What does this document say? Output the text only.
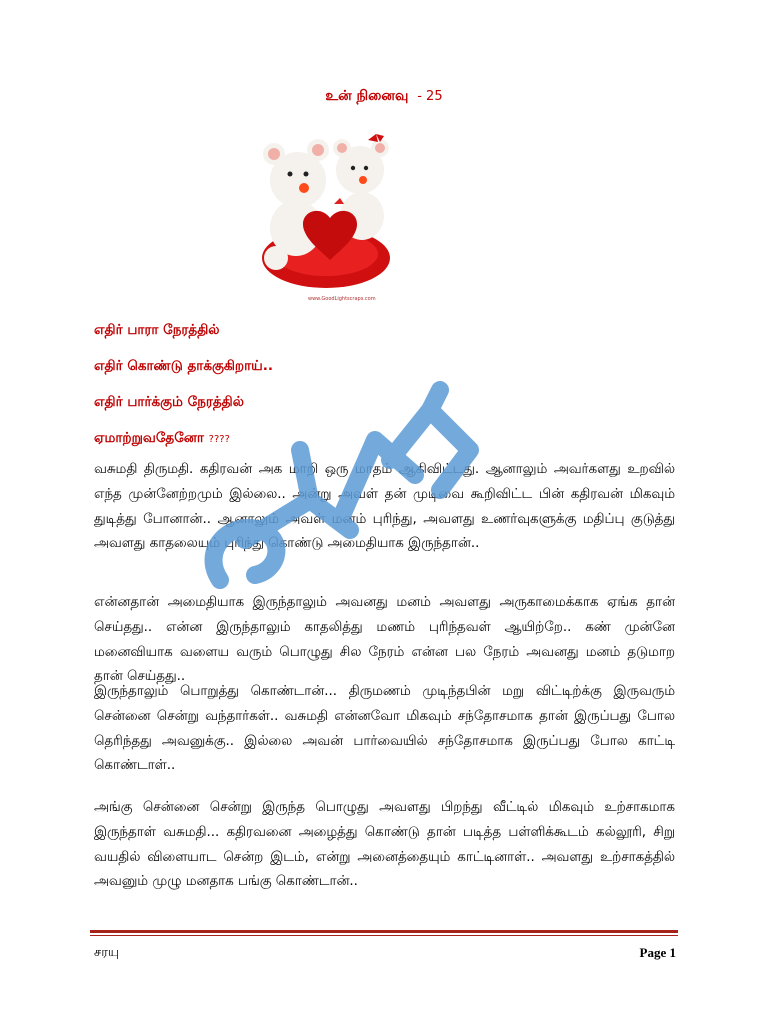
உன் நினைவு - 25
www.GoodLightscraps.com
எதிர் பாரா நேரத்தில்
எதிர் கொண்டு தாக்குகிறாய்..
எதிர் பார்க்கும் நேரத்தில்
ஏமாற்றுவதேனோ ????
வசுமதி திருமதி. கதிரவன் அக மாறி ஒரு மாதம் ஆகிவிட்டது. ஆனாலும் அவர்களது உறவில் எந்த முன்னேற்றமும் இல்லை.. அன்று அவள் தன் முடிவை கூறிவிட்ட பின் கதிரவன் மிகவும் துடித்து போனான்.. ஆனாலும் அவள் மனம் புரிந்து, அவளது உணர்வுகளுக்கு மதிப்பு குடுத்து அவளது காதலையும் புரிந்து கொண்டு அமைதியாக இருந்தான்..
என்னதான் அமைதியாக இருந்தாலும் அவனது மனம் அவளது அருகாமைக்காக ஏங்க தான் செய்தது.. என்ன இருந்தாலும் காதலித்து மணம் புரிந்தவள் ஆயிற்றே.. கண் முன்னே மனைவியாக வளைய வரும் பொழுது சில நேரம் என்ன பல நேரம் அவனது மனம் தடுமாற தான் செய்தது..
இருந்தாலும் பொறுத்து கொண்டான்... திருமணம் முடிந்தபின் மறு விட்டிற்க்கு இருவரும் சென்னை சென்று வந்தார்கள்.. வசுமதி என்னவோ மிகவும் சந்தோசமாக தான் இருப்பது போல தெரிந்தது அவனுக்கு.. இல்லை அவன் பார்வையில் சந்தோசமாக இருப்பது போல காட்டி கொண்டாள்..
அங்கு சென்னை சென்று இருந்த பொழுது அவளது பிறந்து வீட்டில் மிகவும் உற்சாகமாக இருந்தாள் வசுமதி... கதிரவனை அழைத்து கொண்டு தான் படித்த பள்ளிக்கூடம் கல்லூரி, சிறு வயதில் விளையாட சென்ற இடம், என்று அனைத்தையும் காட்டினாள்.. அவளது உற்சாகத்தில் அவனும் முழு மனதாக பங்கு கொண்டான்..
சரயு	Page 1
